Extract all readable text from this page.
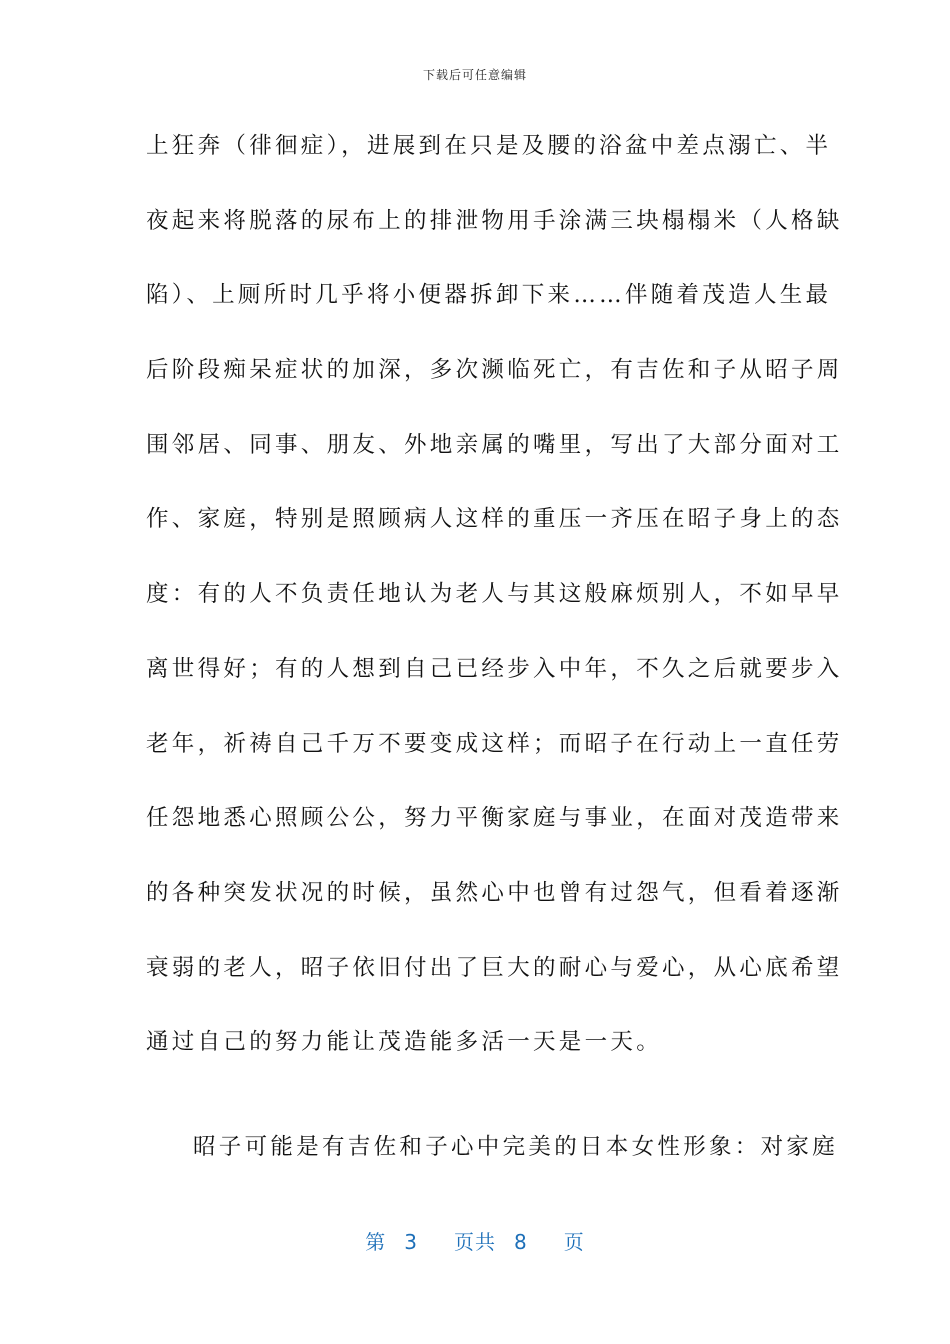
下载后可任意编辑
上狂奔（徘徊症），进展到在只是及腰的浴盆中差点溺亡、半
夜起来将脱落的尿布上的排泄物用手涂满三块榻榻米（人格缺
陷）、上厕所时几乎将小便器拆卸下来……伴随着茂造人生最
后阶段痴呆症状的加深，多次濒临死亡，有吉佐和子从昭子周
围邻居、同事、朋友、外地亲属的嘴里，写出了大部分面对工
作、家庭，特别是照顾病人这样的重压一齐压在昭子身上的态
度：有的人不负责任地认为老人与其这般麻烦别人，不如早早
离世得好；有的人想到自己已经步入中年，不久之后就要步入
老年，祈祷自己千万不要变成这样；而昭子在行动上一直任劳
任怨地悉心照顾公公，努力平衡家庭与事业，在面对茂造带来
的各种突发状况的时候，虽然心中也曾有过怨气，但看着逐渐
衰弱的老人，昭子依旧付出了巨大的耐心与爱心，从心底希望
通过自己的努力能让茂造能多活一天是一天。
昭子可能是有吉佐和子心中完美的日本女性形象：对家庭
第 3 页共 8 页
